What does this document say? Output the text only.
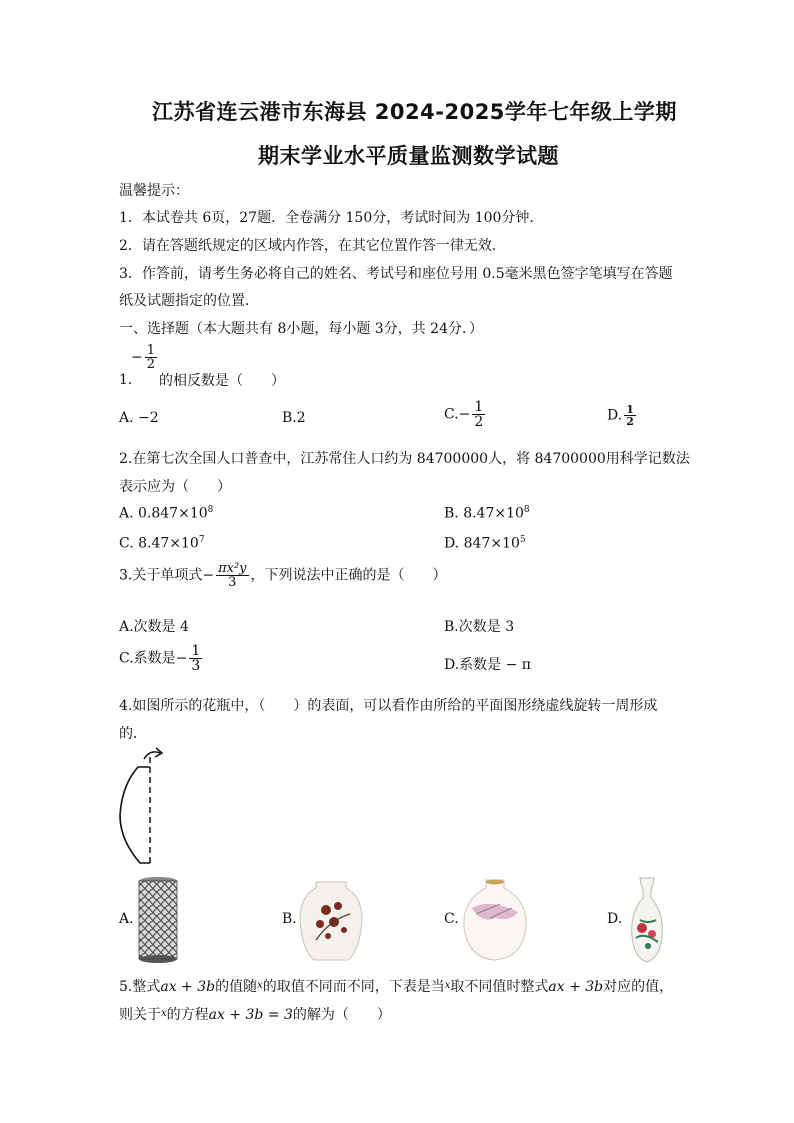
江苏省连云港市东海县 2024-2025学年七年级上学期
期末学业水平质量监测数学试题
温馨提示：
1．本试卷共 6页，27题．全卷满分 150分，考试时间为 100分钟．
2．请在答题纸规定的区域内作答，在其它位置作答一律无效．
3．作答前，请考生务必将自己的姓名、考试号和座位号用 0.5毫米黑色签字笔填写在答题
纸及试题指定的位置．
一、选择题（本大题共有 8小题，每小题 3分，共 24分．）
− $\frac{1}{2}$
1. 的相反数是（　　）
A. −2	B.2	$C.- \frac{1}{2}$	D. $\frac{1}{2}$
2.在第七次全国人口普查中，江苏常住人口约为 84700000人，将 84700000用科学记数法
表示应为（　　）
A. $0.847\times 10^8$	B. $8.47\times 10^8$
C. $8.47\times 10^7$	D. $847\times 10^5$
3.关于单项式− $\frac{\text{πx²y}}{3}$ ，下列说法中正确的是（　　）
A.次数是 4	B.次数是 3
C.系数是− $\frac{1}{3}$	D.系数是 − π
4.如图所示的花瓶中，（　　）的表面，可以看作由所给的平面图形绕虚线旋转一周形成
的．
A.	B.	C.	D.
5.整式ax + 3b的值随$^x$的取值不同而不同，下表是当$^x$取不同值时整式ax + 3b对应的值，
则关于$^x$的方程ax + 3b = 3的解为（　　）
